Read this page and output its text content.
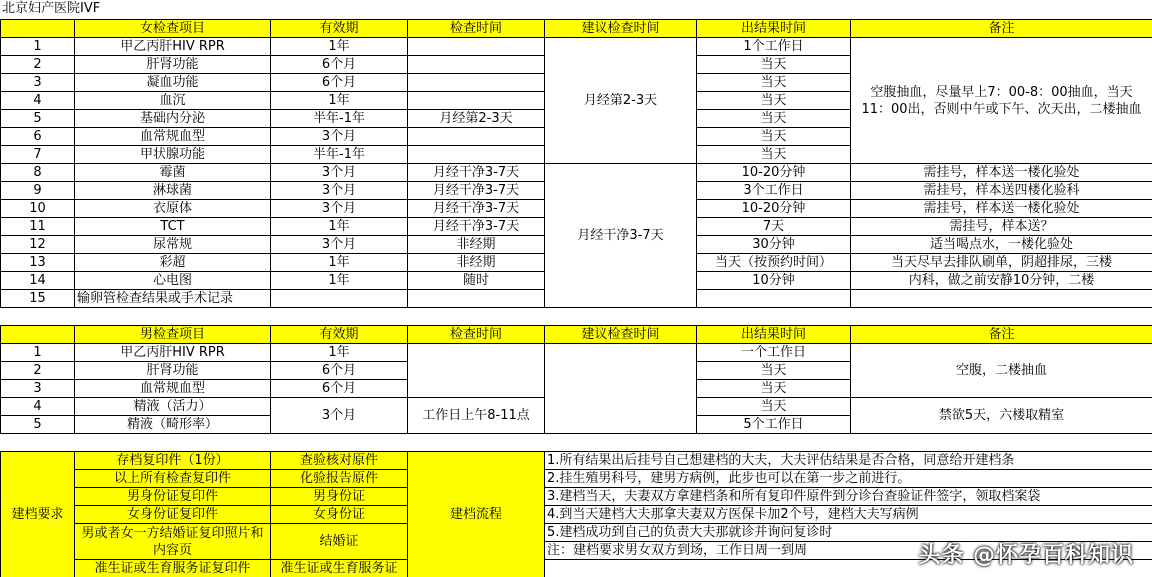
北京妇产医院IVF
	女检查项目	有效期	检查时间	建议检查时间	出结果时间	备注
1	甲乙丙肝HIV RPR	1年		月经第2-3天	1个工作日	空腹抽血，尽量早上7：00-8：00抽血，当天11：00出，否则中午或下午、次天出，二楼抽血
2	肝肾功能	6个月			当天	
3	凝血功能	6个月			当天	
4	血沉	1年			当天	
5	基础内分泌	半年-1年	月经第2-3天		当天	
6	血常规血型	3个月			当天	
7	甲状腺功能	半年-1年			当天	
8	霉菌	3个月	月经干净3-7天	月经干净3-7天	10-20分钟	需挂号，样本送一楼化验处
9	淋球菌	3个月	月经干净3-7天		3个工作日	需挂号，样本送四楼化验科
10	衣原体	3个月	月经干净3-7天		10-20分钟	需挂号，样本送一楼化验处
11	TCT	1年	月经干净3-7天		7天	需挂号，样本送？
12	尿常规	3个月	非经期		30分钟	适当喝点水，一楼化验处
13	彩超	1年	非经期		当天（按预约时间）	当天尽早去排队刷单，阴超排尿，三楼
14	心电图	1年	随时		10分钟	内科，做之前安静10分钟，二楼
15	输卵管检查结果或手术记录					
	男检查项目	有效期	检查时间	建议检查时间	出结果时间	备注
1	甲乙丙肝HIV RPR	1年			一个工作日	空腹，二楼抽血
2	肝肾功能	6个月			当天	
3	血常规血型	6个月			当天	
4	精液（活力）	3个月	工作日上午8-11点		当天	禁欲5天，六楼取精室
5	精液（畸形率）				5个工作日	
建档要求	存档复印件（1份）	查验核对原件	建档流程	1.所有结果出后挂号自己想建档的大夫，大夫评估结果是否合格，同意给开建档条
	以上所有检查复印件	化验报告原件		2.挂生殖男科号，建男方病例，此步也可以在第一步之前进行。
	男身份证复印件	男身份证		3.建档当天，夫妻双方拿建档条和所有复印件原件到分诊台查验证件签字，领取档案袋
	女身份证复印件	女身份证		4.到当天建档大夫那拿夫妻双方医保卡加2个号，建档大夫写病例
	男或者女一方结婚证复印照片和内容页	结婚证		5.建档成功到自己的负责大夫那就诊并询问复诊时
				注：建档要求男女双方到场，工作日周一到周
	准生证或生育服务证复印件	准生证或生育服务证			头条 @怀孕百科知识
